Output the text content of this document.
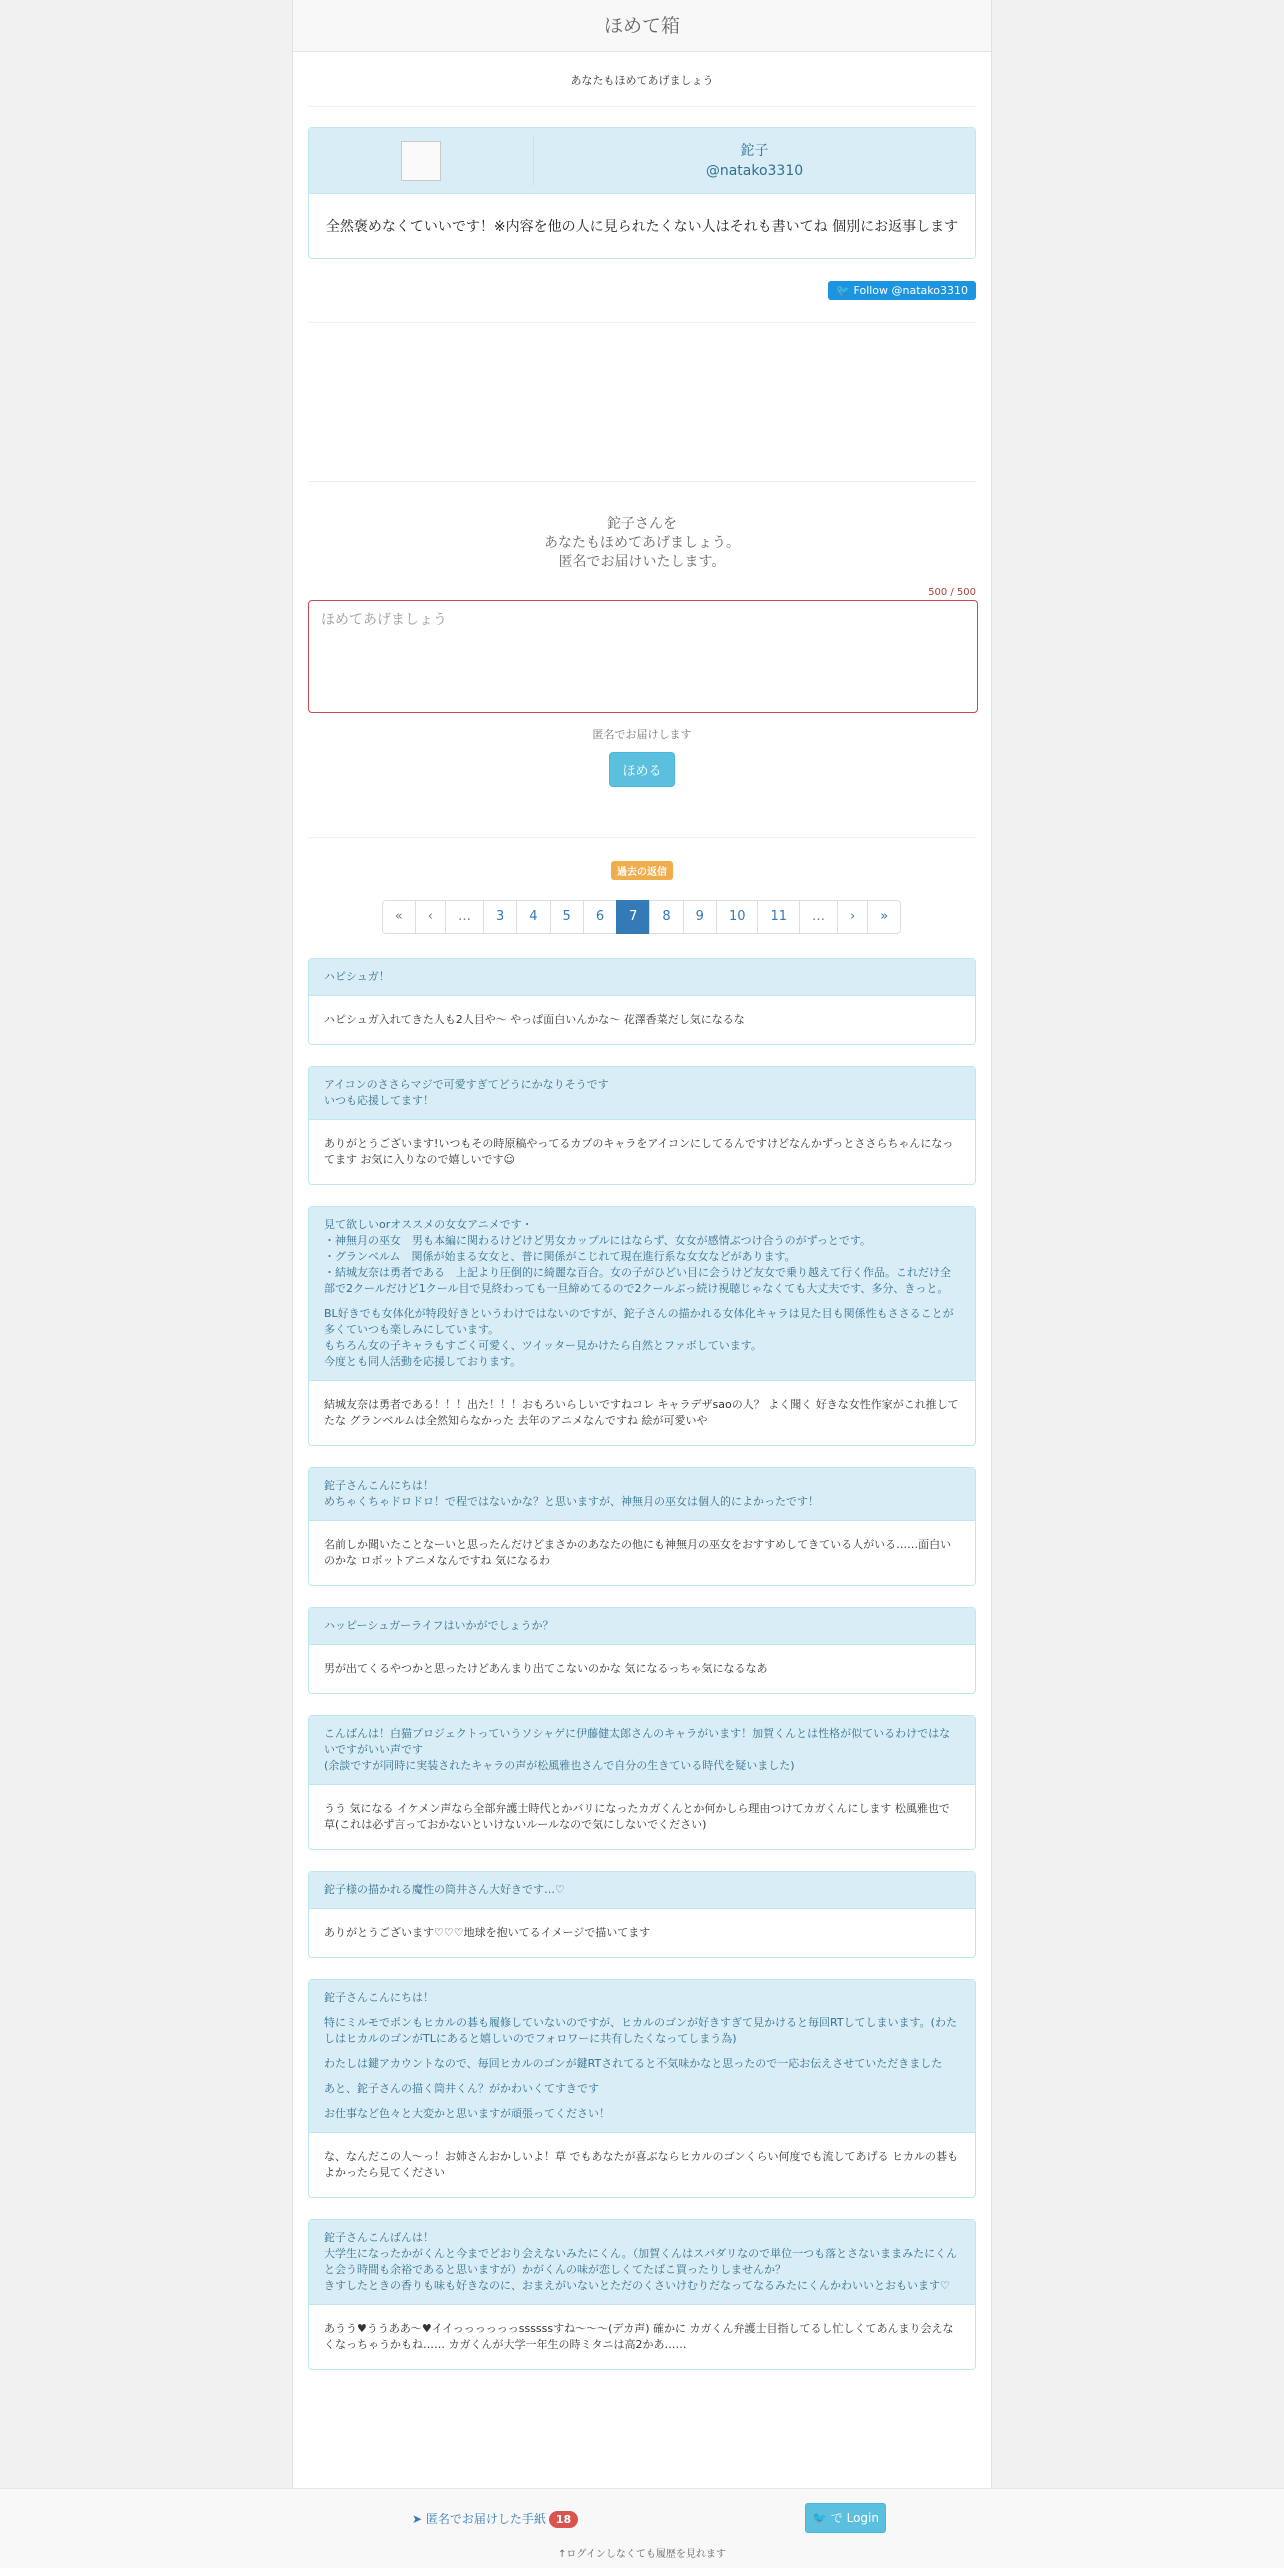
ほめて箱
あなたもほめてあげましょう
鉈子
@natako3310
全然褒めなくていいです！※内容を他の人に見られたくない人はそれも書いてね 個別にお返事します
🐦 Follow @natako3310
鉈子さんを
あなたもほめてあげましょう。
匿名でお届けいたします。
500 / 500
ほめてあげましょう
匿名でお届けします
ほめる
過去の返信
«	‹	…	3	4	5	6	7	8	9	10	11	…	›	»

ハピシュガ！

ハピシュガ入れてきた人も2人目や〜 やっぱ面白いんかな〜 花澤香菜だし気になるな

アイコンのささらマジで可愛すぎてどうにかなりそうです
いつも応援してます！

ありがとうございます!いつもその時原稿やってるカプのキャラをアイコンにしてるんですけどなんかずっとささらちゃんになってます お気に入りなので嬉しいです☺

見て欲しいorオススメの女女アニメです・
・神無月の巫女　男も本編に関わるけどけど男女カップルにはならず、女女が感情ぶつけ合うのがずっとです。
・グランベルム　関係が始まる女女と、普に関係がこじれて現在進行系な女女などがあります。
・結城友奈は勇者である　上記より圧倒的に綺麗な百合。女の子がひどい目に会うけど友女で乗り越えて行く作品。これだけ全部で2クールだけど1クール目で見終わっても一旦締めてるので2クールぶっ続け視聴じゃなくても大丈夫です、多分、きっと。

BL好きでも女体化が特段好きというわけではないのですが、鉈子さんの描かれる女体化キャラは見た目も関係性もささることが多くていつも楽しみにしています。
もちろん女の子キャラもすごく可愛く、ツイッター見かけたら自然とファボしています。
今度とも同人活動を応援しております。

結城友奈は勇者である！！！出た！！！おもろいらしいですねコレ キャラデザsaoの人？ よく聞く 好きな女性作家がこれ推してたな グランベルムは全然知らなかった 去年のアニメなんですね 絵が可愛いや

鉈子さんこんにちは！
めちゃくちゃドロドロ！で程ではないかな？と思いますが、神無月の巫女は個人的によかったです！

名前しか聞いたことなーいと思ったんだけどまさかのあなたの他にも神無月の巫女をおすすめしてきている人がいる……面白いのかな ロボットアニメなんですね 気になるわ

ハッピーシュガーライフはいかがでしょうか？

男が出てくるやつかと思ったけどあんまり出てこないのかな 気になるっちゃ気になるなあ

こんばんは！白猫プロジェクトっていうソシャゲに伊藤健太郎さんのキャラがいます！加賀くんとは性格が似ているわけではないですがいい声です
(余談ですが同時に実装されたキャラの声が松風雅也さんで自分の生きている時代を疑いました)

うう 気になる イケメン声なら全部弁護士時代とかバリになったカガくんとか何かしら理由つけてカガくんにします 松風雅也で草(これは必ず言っておかないといけないルールなので気にしないでください)

鉈子様の描かれる魔性の筒井さん大好きです…♡

ありがとうございます♡♡♡地球を抱いてるイメージで描いてます

鉈子さんこんにちは！

特にミルモでポンもヒカルの碁も履修していないのですが、ヒカルのゴンが好きすぎて見かけると毎回RTしてしまいます。(わたしはヒカルのゴンがTLにあると嬉しいのでフォロワーに共有したくなってしまう為)

わたしは鍵アカウントなので、毎回ヒカルのゴンが鍵RTされてると不気味かなと思ったので一応お伝えさせていただきました

あと、鉈子さんの描く筒井くん？がかわいくてすきです

お仕事など色々と大変かと思いますが頑張ってください！

な、なんだこの人〜っ！お姉さんおかしいよ！草 でもあなたが喜ぶならヒカルのゴンくらい何度でも流してあげる ヒカルの碁もよかったら見てください

鉈子さんこんばんは！
大学生になったかがくんと今までどおり会えないみたにくん。（加賀くんはスパダリなので単位一つも落とさないままみたにくんと会う時間も余裕であると思いますが）かがくんの味が恋しくてたばこ買ったりしませんか？
きすしたときの香りも味も好きなのに、おまえがいないとただのくさいけむりだなってなるみたにくんかわいいとおもいます♡

あうう♥ううああ〜♥イイっっっっっっssssssすね〜〜〜(デカ声) 確かに カガくん弁護士目指してるし忙しくてあんまり会えなくなっちゃうかもね…… カガくんが大学一年生の時ミタニは高2かあ……
➤ 匿名でお届けした手紙 18	🐦 で Login
↑ログインしなくても履歴を見れます
